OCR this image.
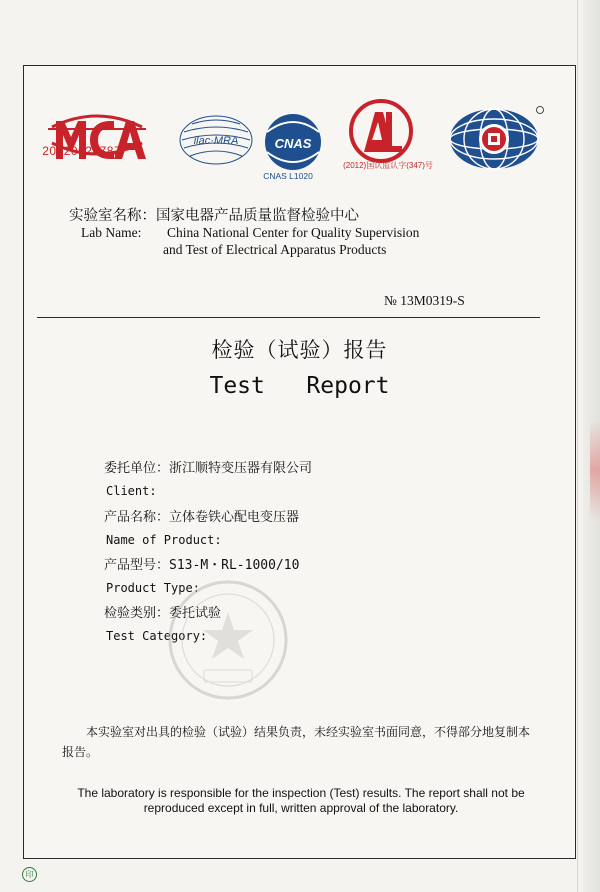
2012002878Z
ilac·MRA	CNAS
CNAS L1020
(2012)国认监认字(347)号
实验室名称：国家电器产品质量监督检验中心
Lab Name: China National Center for Quality Supervision
and Test of Electrical Apparatus Products
№ 13M0319-S
检验（试验）报告
Test   Report
委托单位：浙江顺特变压器有限公司
Client:
产品名称：立体卷铁心配电变压器
Name of Product:
产品型号：S13-M・RL-1000/10
Product Type:
检验类别：委托试验
Test Category:
本实验室对出具的检验（试验）结果负责，未经实验室书面同意，不得部分地复制本报告。
The laboratory is responsible for the inspection (Test) results. The report shall not be reproduced except in full, written approval of the laboratory.
印
